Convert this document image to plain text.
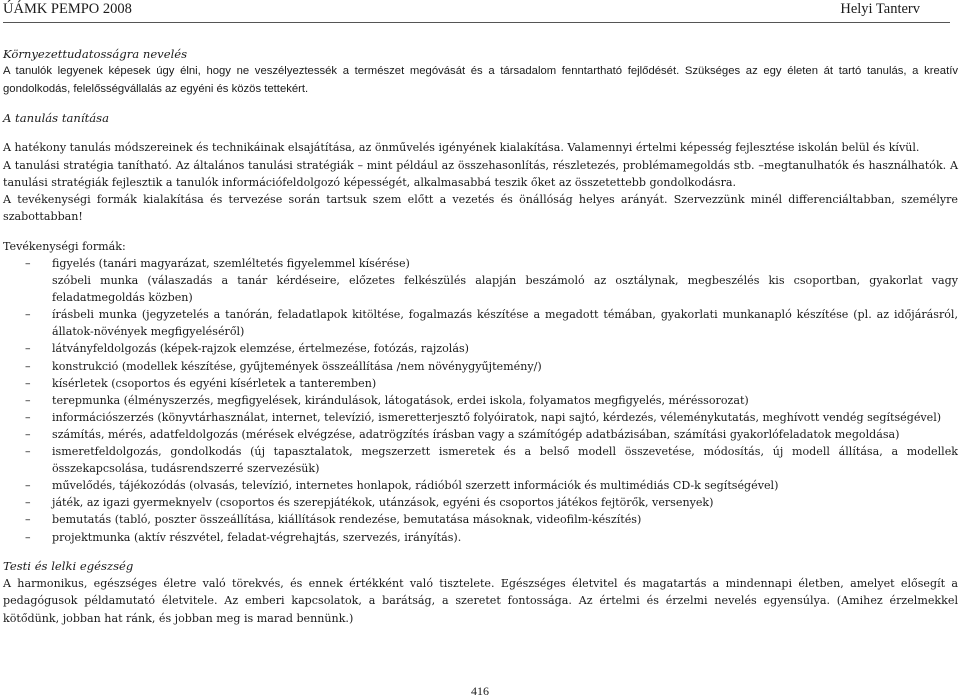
ÚÁMK PEMPO 2008	Helyi Tanterv
Környezettudatosságra nevelés
A tanulók legyenek képesek úgy élni, hogy ne veszélyeztessék a természet megóvását és a társadalom fenntartható fejlődését. Szükséges az egy életen át tartó tanulás, a kreatív gondolkodás, felelősségvállalás az egyéni és közös tettekért.
A tanulás tanítása
A hatékony tanulás módszereinek és technikáinak elsajátítása, az önművelés igényének kialakítása. Valamennyi értelmi képesség fejlesztése iskolán belül és kívül.
A tanulási stratégia tanítható. Az általános tanulási stratégiák – mint például az összehasonlítás, részletezés, problémamegoldás stb. –megtanulhatók és használhatók. A tanulási stratégiák fejlesztik a tanulók információfeldolgozó képességét, alkalmasabbá teszik őket az összetettebb gondolkodásra.
A tevékenységi formák kialakítása és tervezése során tartsuk szem előtt a vezetés és önállóság helyes arányát. Szervezzünk minél differenciáltabban, személyre szabottabban!
Tevékenységi formák:
– figyelés (tanári magyarázat, szemléltetés figyelemmel kísérése)
szóbeli munka (válaszadás a tanár kérdéseire, előzetes felkészülés alapján beszámoló az osztálynak, megbeszélés kis csoportban, gyakorlat vagy feladatmegoldás közben)
– írásbeli munka (jegyzetelés a tanórán, feladatlapok kitöltése, fogalmazás készítése a megadott témában, gyakorlati munkanapló készítése (pl. az időjárásról, állatok-növények megfigyeléséről)
– látványfeldolgozás (képek-rajzok elemzése, értelmezése, fotózás, rajzolás)
– konstrukció (modellek készítése, gyűjtemények összeállítása /nem növénygyűjtemény/)
– kísérletek (csoportos és egyéni kísérletek a tanteremben)
– terepmunka (élményszerzés, megfigyelések, kirándulások, látogatások, erdei iskola, folyamatos megfigyelés, méréssorozat)
– információszerzés (könyvtárhasználat, internet, televízió, ismeretterjesztő folyóiratok, napi sajtó, kérdezés, véleménykutatás, meghívott vendég segítségével)
– számítás, mérés, adatfeldolgozás (mérések elvégzése, adatrögzítés írásban vagy a számítógép adatbázisában, számítási gyakorlófeladatok megoldása)
– ismeretfeldolgozás, gondolkodás (új tapasztalatok, megszerzett ismeretek és a belső modell összevetése, módosítás, új modell állítása, a modellek összekapcsolása, tudásrendszerré szervezésük)
– művelődés, tájékozódás (olvasás, televízió, internetes honlapok, rádióból szerzett információk és multimédiás CD-k segítségével)
– játék, az igazi gyermeknyelv (csoportos és szerepjátékok, utánzások, egyéni és csoportos játékos fejtörők, versenyek)
– bemutatás (tabló, poszter összeállítása, kiállítások rendezése, bemutatása másoknak, videofilm-készítés)
– projektmunka (aktív részvétel, feladat-végrehajtás, szervezés, irányítás).
Testi és lelki egészség
A harmonikus, egészséges életre való törekvés, és ennek értékként való tisztelete. Egészséges életvitel és magatartás a mindennapi életben, amelyet elősegít a pedagógusok példamutató életvitele. Az emberi kapcsolatok, a barátság, a szeretet fontossága. Az értelmi és érzelmi nevelés egyensúlya. (Amihez érzelmekkel kötődünk, jobban hat ránk, és jobban meg is marad bennünk.)
416
